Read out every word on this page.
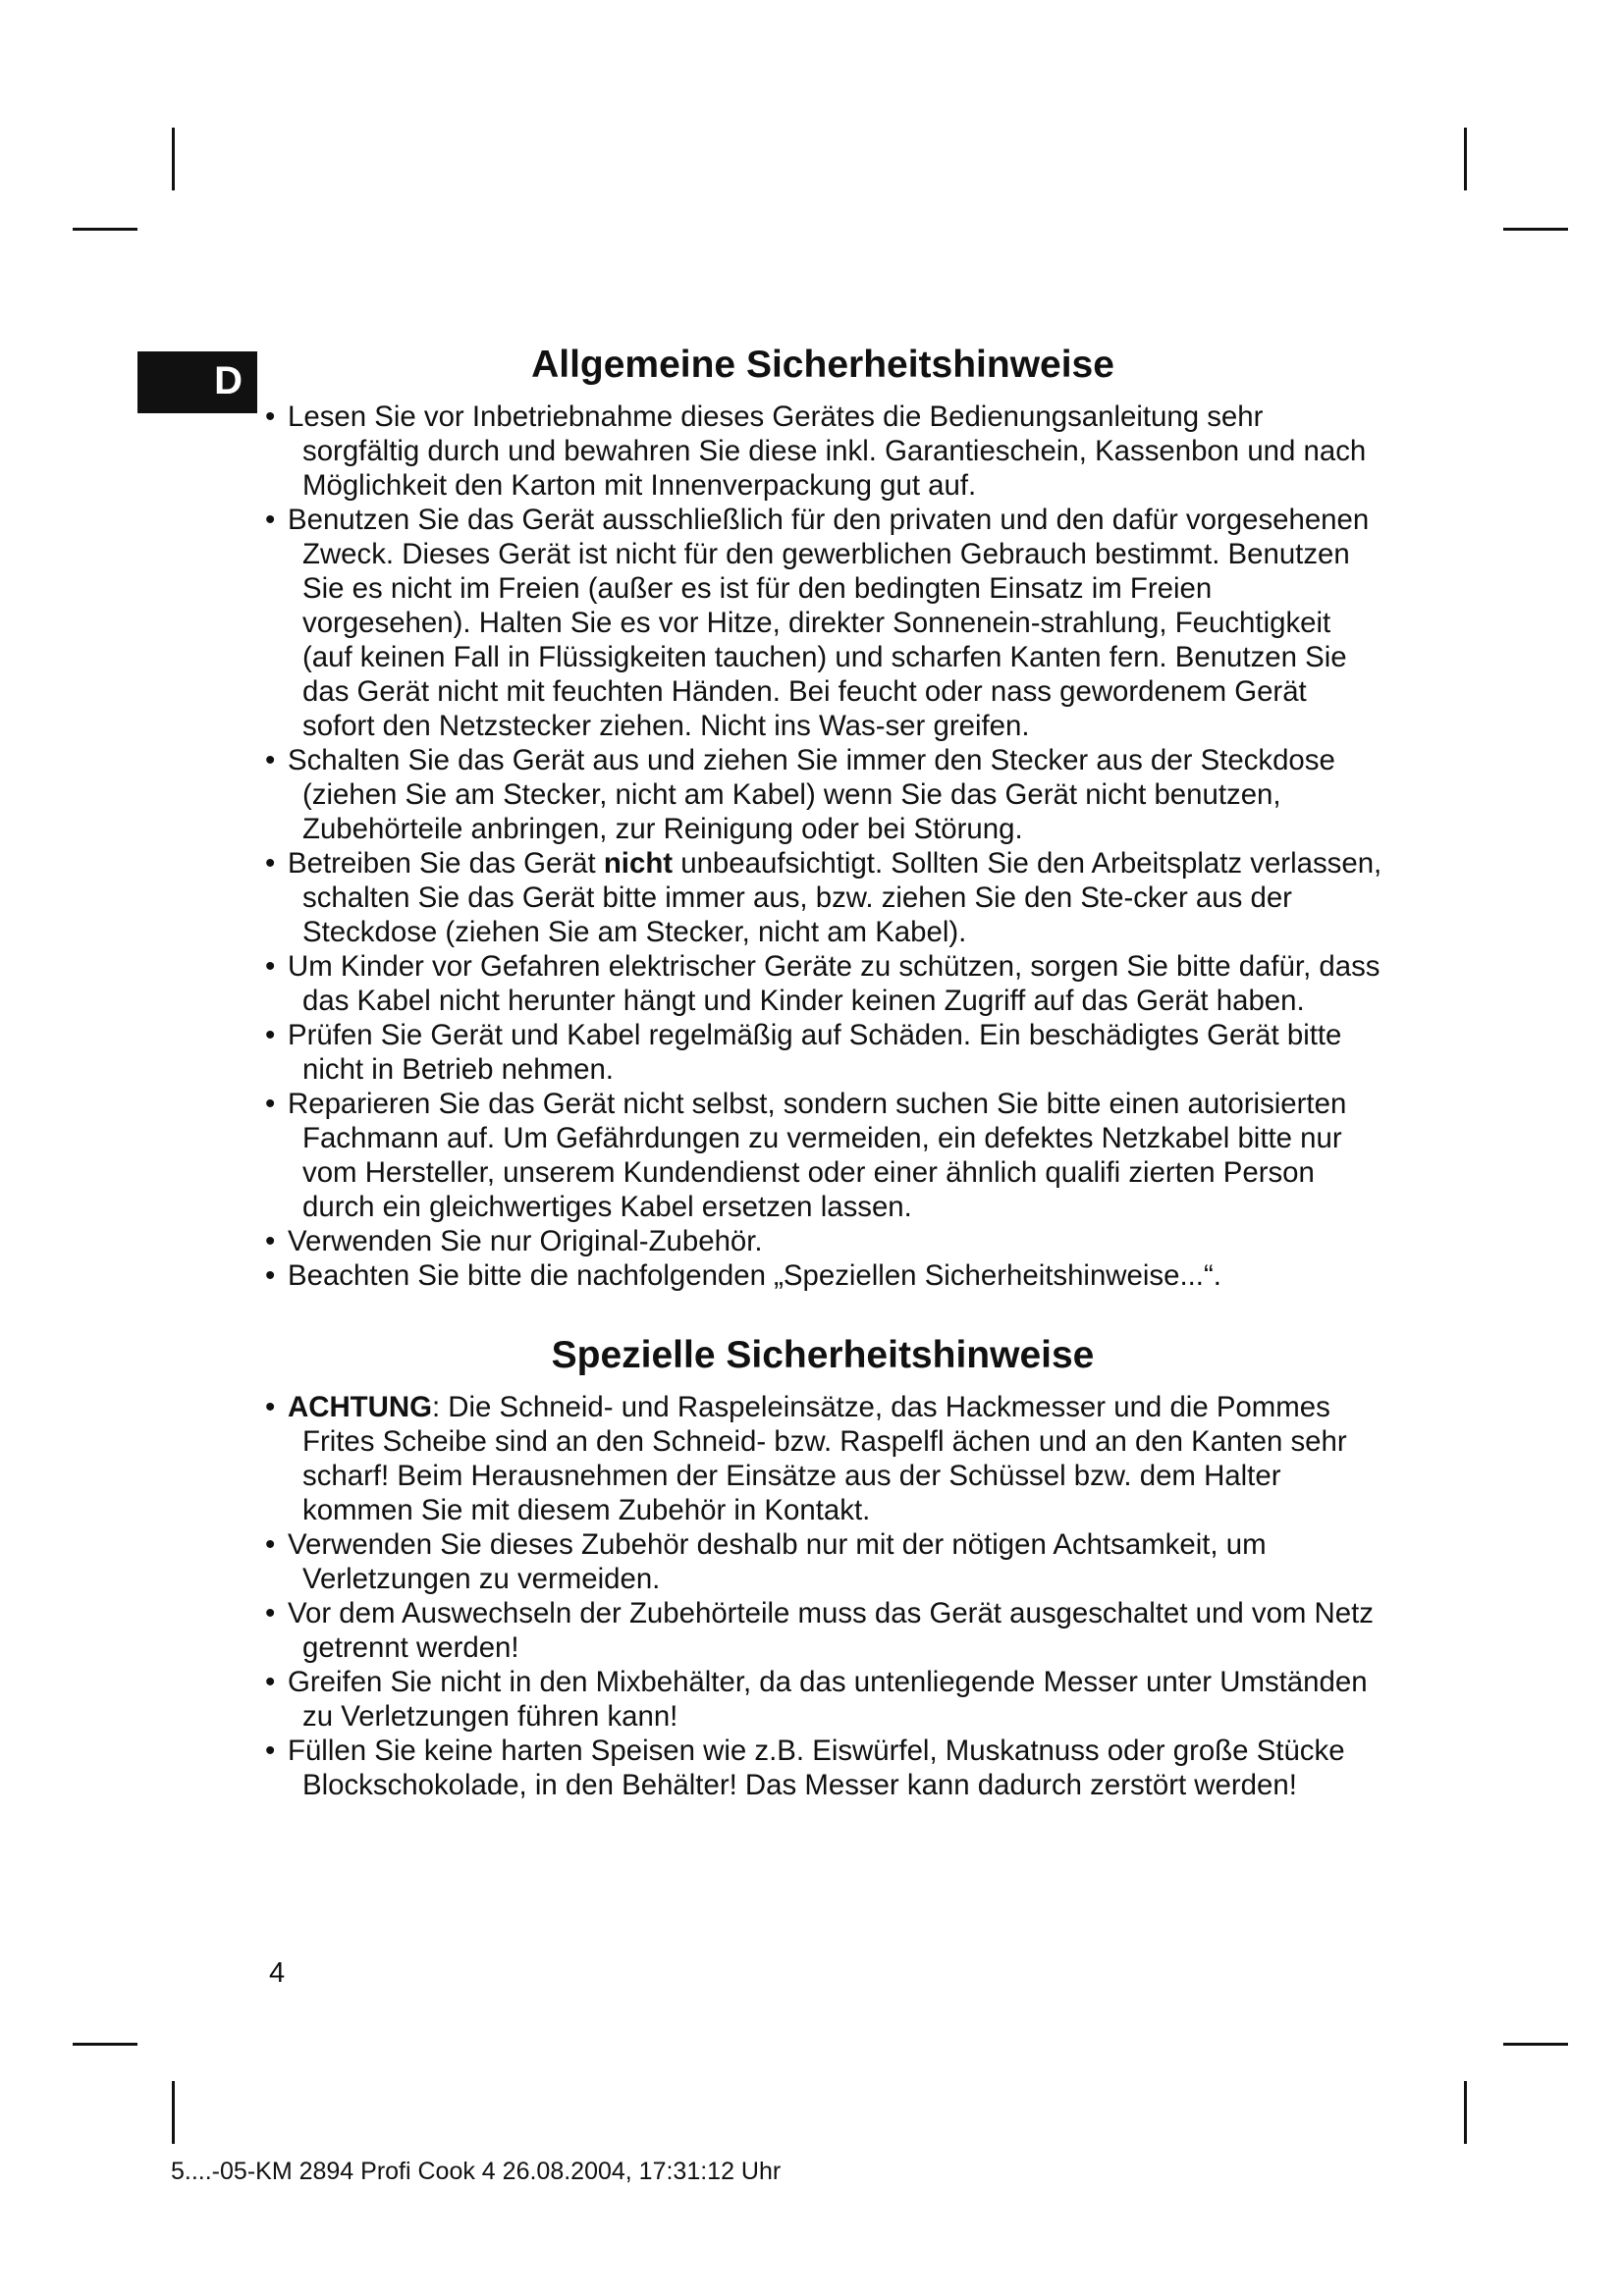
D	Allgemeine Sicherheitshinweise
• Lesen Sie vor Inbetriebnahme dieses Gerätes die Bedienungsanleitung sehr sorgfältig durch und bewahren Sie diese inkl. Garantieschein, Kassenbon und nach Möglichkeit den Karton mit Innenverpackung gut auf.
• Benutzen Sie das Gerät ausschließlich für den privaten und den dafür vorgesehenen Zweck. Dieses Gerät ist nicht für den gewerblichen Gebrauch bestimmt. Benutzen Sie es nicht im Freien (außer es ist für den bedingten Einsatz im Freien vorgesehen). Halten Sie es vor Hitze, direkter Sonnenein-strahlung, Feuchtigkeit (auf keinen Fall in Flüssigkeiten tauchen) und scharfen Kanten fern. Benutzen Sie das Gerät nicht mit feuchten Händen. Bei feucht oder nass gewordenem Gerät sofort den Netzstecker ziehen. Nicht ins Was-ser greifen.
• Schalten Sie das Gerät aus und ziehen Sie immer den Stecker aus der Steckdose (ziehen Sie am Stecker, nicht am Kabel) wenn Sie das Gerät nicht benutzen, Zubehörteile anbringen, zur Reinigung oder bei Störung.
• Betreiben Sie das Gerät nicht unbeaufsichtigt. Sollten Sie den Arbeitsplatz verlassen, schalten Sie das Gerät bitte immer aus, bzw. ziehen Sie den Ste-cker aus der Steckdose (ziehen Sie am Stecker, nicht am Kabel).
• Um Kinder vor Gefahren elektrischer Geräte zu schützen, sorgen Sie bitte dafür, dass das Kabel nicht herunter hängt und Kinder keinen Zugriff auf das Gerät haben.
• Prüfen Sie Gerät und Kabel regelmäßig auf Schäden. Ein beschädigtes Gerät bitte nicht in Betrieb nehmen.
• Reparieren Sie das Gerät nicht selbst, sondern suchen Sie bitte einen autorisierten Fachmann auf. Um Gefährdungen zu vermeiden, ein defektes Netzkabel bitte nur vom Hersteller, unserem Kundendienst oder einer ähnlich qualifi zierten Person durch ein gleichwertiges Kabel ersetzen lassen.
• Verwenden Sie nur Original-Zubehör.
• Beachten Sie bitte die nachfolgenden „Speziellen Sicherheitshinweise...“.
Spezielle Sicherheitshinweise
• ACHTUNG: Die Schneid- und Raspeleinsätze, das Hackmesser und die Pommes Frites Scheibe sind an den Schneid- bzw. Raspelfl ächen und an den Kanten sehr scharf! Beim Herausnehmen der Einsätze aus der Schüssel bzw. dem Halter kommen Sie mit diesem Zubehör in Kontakt.
• Verwenden Sie dieses Zubehör deshalb nur mit der nötigen Achtsamkeit, um Verletzungen zu vermeiden.
• Vor dem Auswechseln der Zubehörteile muss das Gerät ausgeschaltet und vom Netz getrennt werden!
• Greifen Sie nicht in den Mixbehälter, da das untenliegende Messer unter Umständen zu Verletzungen führen kann!
• Füllen Sie keine harten Speisen wie z.B. Eiswürfel, Muskatnuss oder große Stücke Blockschokolade, in den Behälter! Das Messer kann dadurch zerstört werden!
4
5....-05-KM 2894 Profi Cook 4 26.08.2004, 17:31:12 Uhr
